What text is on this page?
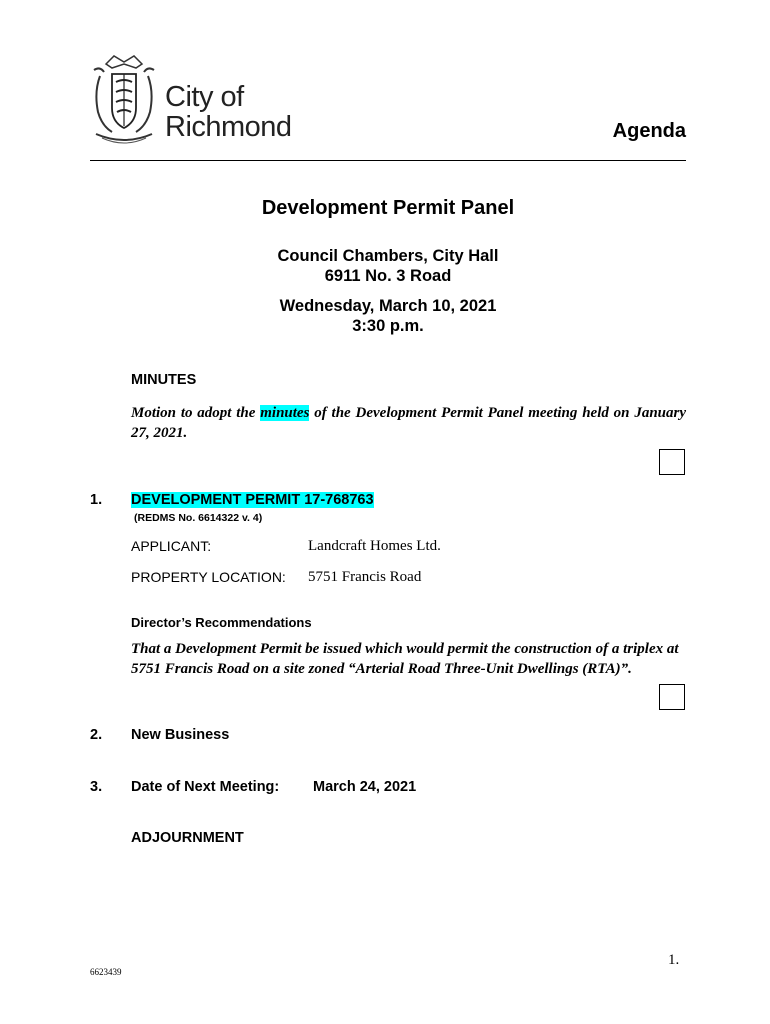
City of
Richmond	Agenda
Development Permit Panel
Council Chambers, City Hall
6911 No. 3 Road
Wednesday, March 10, 2021
3:30 p.m.
MINUTES
Motion to adopt the minutes of the Development Permit Panel meeting held on January 27, 2021.
1. DEVELOPMENT PERMIT 17-768763
(REDMS No. 6614322 v. 4)
APPLICANT:	Landcraft Homes Ltd.
PROPERTY LOCATION: 5751 Francis Road
Director’s Recommendations
That a Development Permit be issued which would permit the construction of a triplex at 5751 Francis Road on a site zoned “Arterial Road Three-Unit Dwellings (RTA)”.
2. New Business
3. Date of Next Meeting: March 24, 2021
ADJOURNMENT
1.
6623439
